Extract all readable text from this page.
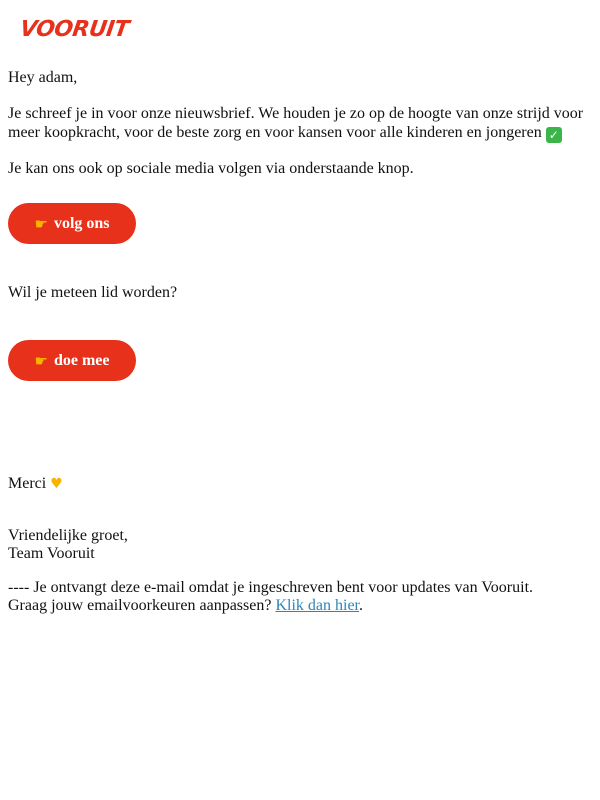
VOORUIT

Hey adam,

Je schreef je in voor onze nieuwsbrief. We houden je zo op de hoogte van onze strijd voor meer koopkracht, voor de beste zorg en voor kansen voor alle kinderen en jongeren ✓

Je kan ons ook op sociale media volgen via onderstaande knop.

☛ volg ons

Wil je meteen lid worden?

☛ doe mee

Merci ♥

Vriendelijke groet,

Team Vooruit

---- Je ontvangt deze e-mail omdat je ingeschreven bent voor updates van Vooruit.

Graag jouw emailvoorkeuren aanpassen? Klik dan hier.
